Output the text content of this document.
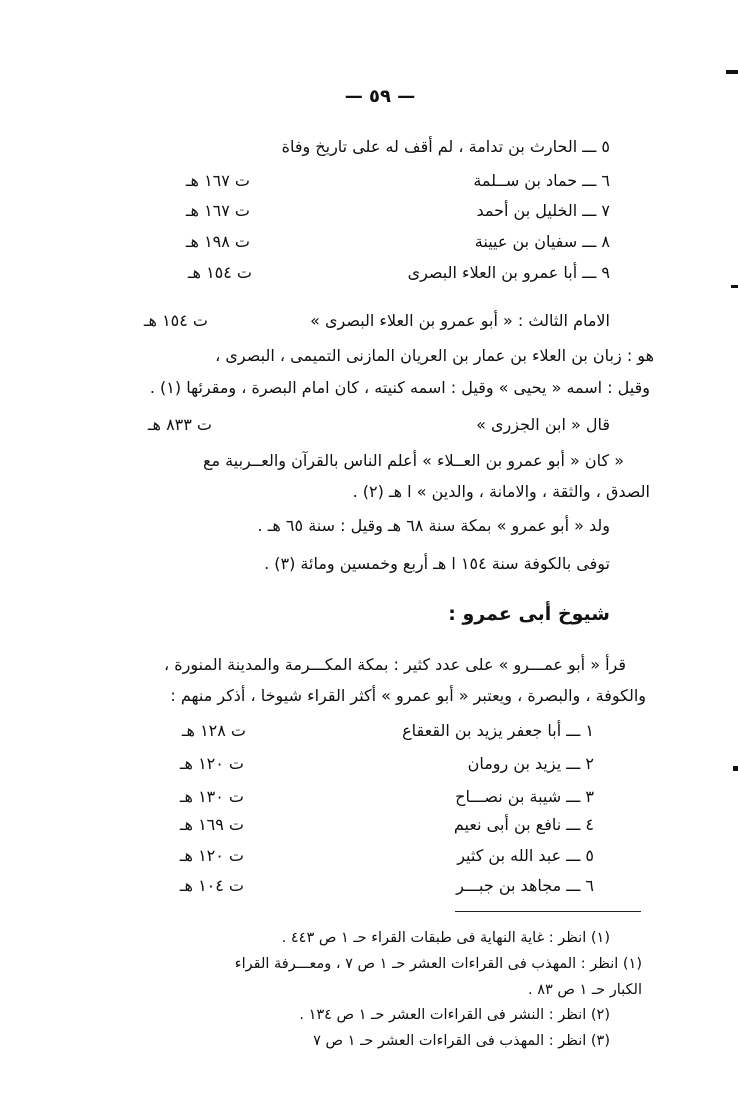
— ٥٩ —
٥ ـــ الحارث بن تدامة ، لم أقف له على تاريخ وفاة
٦ ـــ حماد بن ســلمة
ت ١٦٧ هـ
٧ ـــ الخليل بن أحمد
ت ١٦٧ هـ
٨ ـــ سفيان بن عيينة
ت ١٩٨ هـ
٩ ـــ أبا عمرو بن العلاء البصرى
ت ١٥٤ هـ
الامام الثالث : « أبو عمرو بن العلاء البصرى »
ت ١٥٤ هـ
هو : زبان بن العلاء بن عمار بن العريان المازنى التميمى ، البصرى ،
وقيل : اسمه « يحيى » وقيل : اسمه كنيته ، كان امام البصرة ، ومقرئها (١) .
قال « ابن الجزرى »
ت ٨٣٣ هـ
« كان « أبو عمرو بن العــلاء » أعلم الناس بالقرآن والعــربية مع
الصدق ، والثقة ، والامانة ، والدين » ا هـ (٢) .
ولد « أبو عمرو » بمكة سنة ٦٨ هـ وقيل : سنة ٦٥ هـ .
توفى بالكوفة سنة ١٥٤ ا هـ أربع وخمسين ومائة (٣) .
شيوخ أبى عمرو :
قرأ « أبو عمـــرو » على عدد كثير : بمكة المكـــرمة والمدينة المنورة ،
والكوفة ، والبصرة ، ويعتبر « أبو عمرو » أكثر القراء شيوخا ، أذكر منهم :
١ ـــ أبا جعفر يزيد بن القعقاع
ت ١٢٨ هـ
٢ ـــ يزيد بن رومان
ت ١٢٠ هـ
٣ ـــ شيبة بن نصـــاح
ت ١٣٠ هـ
٤ ـــ نافع بن أبى نعيم
ت ١٦٩ هـ
٥ ـــ عبد الله بن كثير
ت ١٢٠ هـ
٦ ـــ مجاهد بن جبـــر
ت ١٠٤ هـ
(١) انظر : غاية النهاية فى طبقات القراء حـ ١ ص ٤٤٣ .
(١) انظر : المهذب فى القراءات العشر حـ ١ ص ٧ ، ومعـــرفة القراء
الكبار حـ ١ ص ٨٣ .
(٢) انظر : النشر فى القراءات العشر حـ ١ ص ١٣٤ .
(٣) انظر : المهذب فى القراءات العشر حـ ١ ص ٧
